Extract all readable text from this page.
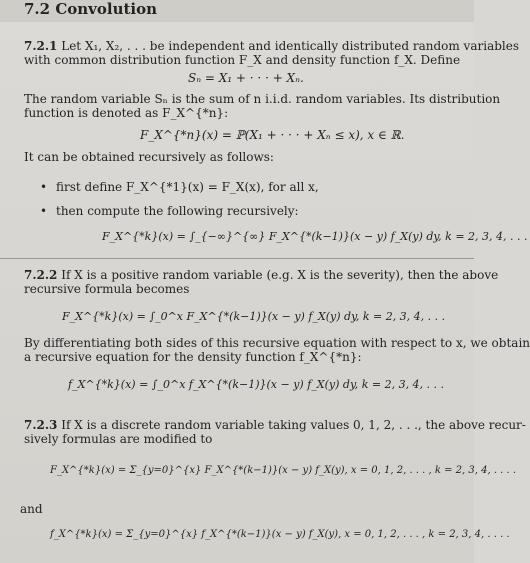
7.2 Convolution
7.2.1 Let X₁, X₂, . . . be independent and identically distributed random variables
with common distribution function F_X and density function f_X. Define
Sₙ = X₁ + · · · + Xₙ.
The random variable Sₙ is the sum of n i.i.d. random variables. Its distribution
function is denoted as F_X^{*n}:
F_X^{*n}(x) = ℙ(X₁ + · · · + Xₙ ≤ x), x ∈ ℝ.
It can be obtained recursively as follows:
• first define F_X^{*1}(x) = F_X(x), for all x,
• then compute the following recursively:
F_X^{*k}(x) = ∫_{−∞}^{∞} F_X^{*(k−1)}(x − y) f_X(y) dy, k = 2, 3, 4, . . .
7.2.2 If X is a positive random variable (e.g. X is the severity), then the above
recursive formula becomes
F_X^{*k}(x) = ∫_0^x F_X^{*(k−1)}(x − y) f_X(y) dy, k = 2, 3, 4, . . .
By differentiating both sides of this recursive equation with respect to x, we obtain
a recursive equation for the density function f_X^{*n}:
f_X^{*k}(x) = ∫_0^x f_X^{*(k−1)}(x − y) f_X(y) dy, k = 2, 3, 4, . . .
7.2.3 If X is a discrete random variable taking values 0, 1, 2, . . ., the above recur-
sively formulas are modified to
F_X^{*k}(x) = Σ_{y=0}^{x} F_X^{*(k−1)}(x − y) f_X(y), x = 0, 1, 2, . . . , k = 2, 3, 4, . . . .
and
f_X^{*k}(x) = Σ_{y=0}^{x} f_X^{*(k−1)}(x − y) f_X(y), x = 0, 1, 2, . . . , k = 2, 3, 4, . . . .
